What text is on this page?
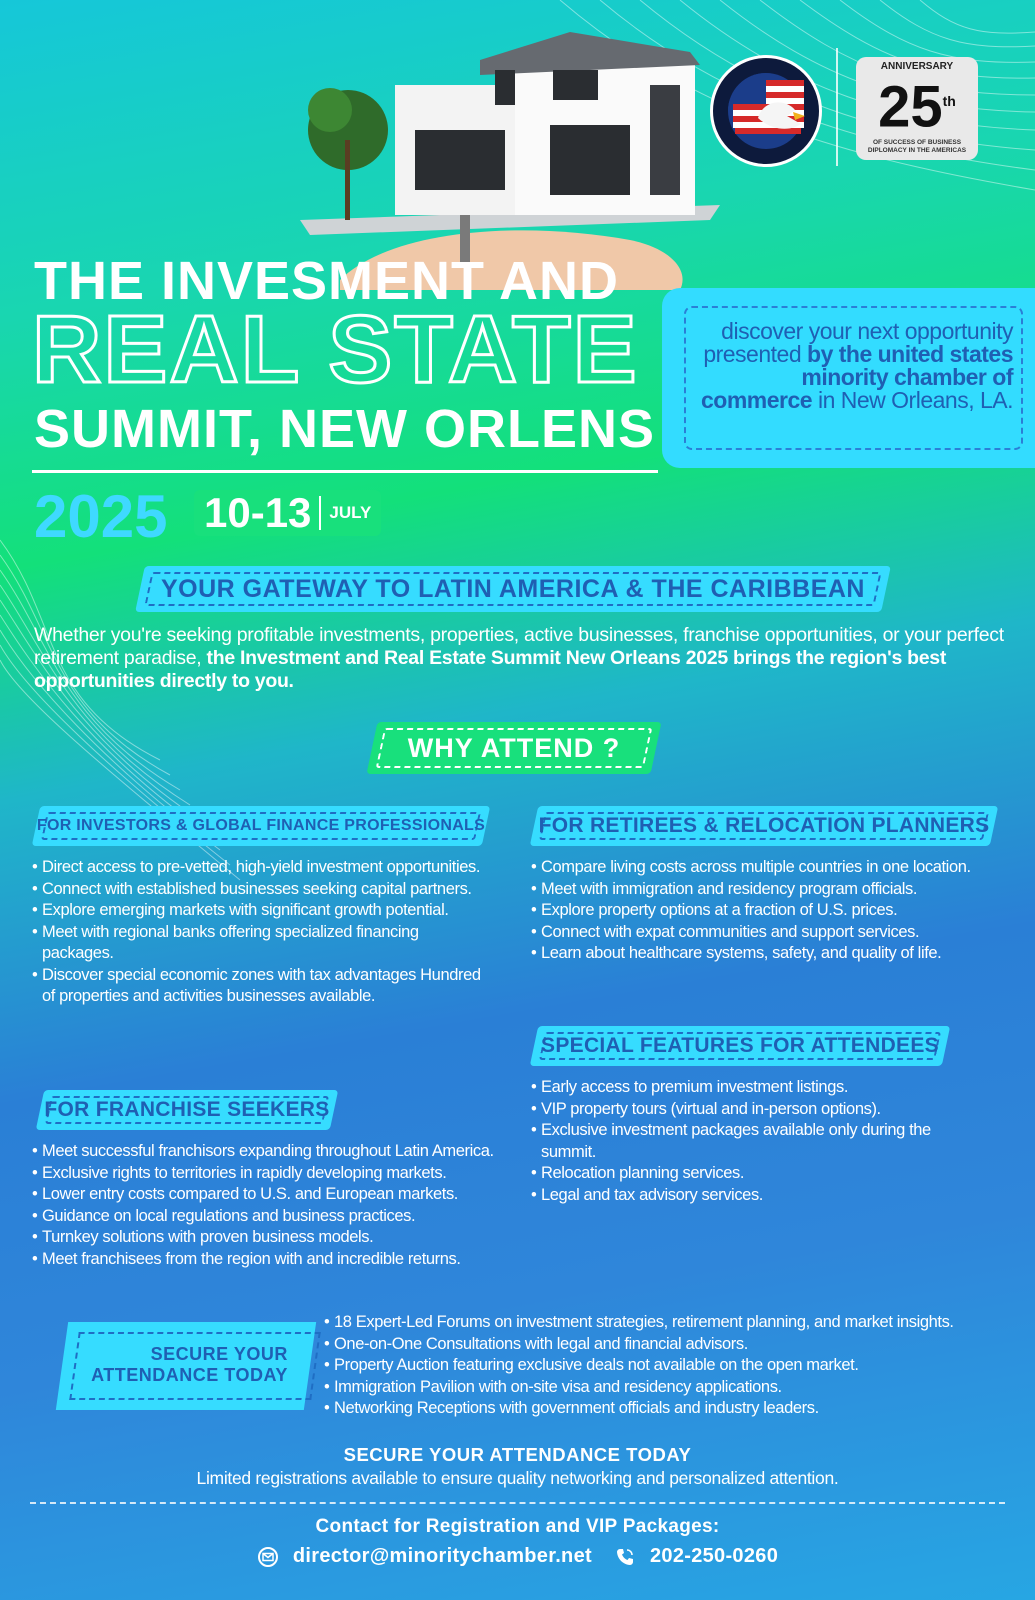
ANNIVERSARY
25th
OF SUCCESS OF BUSINESS DIPLOMACY IN THE AMERICAS
THE INVESMENT AND
REAL STATE
SUMMIT, NEW ORLENS
2025 10-13 JULY
discover your next opportunity presented by the united states minority chamber of commerce in New Orleans, LA.
YOUR GATEWAY TO LATIN AMERICA & THE CARIBBEAN
Whether you're seeking profitable investments, properties, active businesses, franchise opportunities, or your perfect retirement paradise, the Investment and Real Estate Summit New Orleans 2025 brings the region's best opportunities directly to you.
WHY ATTEND ?
FOR INVESTORS & GLOBAL FINANCE PROFESSIONALS
• Direct access to pre-vetted, high-yield investment opportunities.
• Connect with established businesses seeking capital partners.
• Explore emerging markets with significant growth potential.
• Meet with regional banks offering specialized financing packages.
• Discover special economic zones with tax advantages Hundred of properties and activities businesses available.
FOR RETIREES & RELOCATION PLANNERS
• Compare living costs across multiple countries in one location.
• Meet with immigration and residency program officials.
• Explore property options at a fraction of U.S. prices.
• Connect with expat communities and support services.
• Learn about healthcare systems, safety, and quality of life.
SPECIAL FEATURES FOR ATTENDEES
• Early access to premium investment listings.
• VIP property tours (virtual and in-person options).
• Exclusive investment packages available only during the summit.
• Relocation planning services.
• Legal and tax advisory services.
FOR FRANCHISE SEEKERS
• Meet successful franchisors expanding throughout Latin America.
• Exclusive rights to territories in rapidly developing markets.
• Lower entry costs compared to U.S. and European markets.
• Guidance on local regulations and business practices.
• Turnkey solutions with proven business models.
• Meet franchisees from the region with and incredible returns.
SECURE YOUR
ATTENDANCE TODAY
• 18 Expert-Led Forums on investment strategies, retirement planning, and market insights.
• One-on-One Consultations with legal and financial advisors.
• Property Auction featuring exclusive deals not available on the open market.
• Immigration Pavilion with on-site visa and residency applications.
• Networking Receptions with government officials and industry leaders.
SECURE YOUR ATTENDANCE TODAY
Limited registrations available to ensure quality networking and personalized attention.
Contact for Registration and VIP Packages:
director@minoritychamber.net	202-250-0260
